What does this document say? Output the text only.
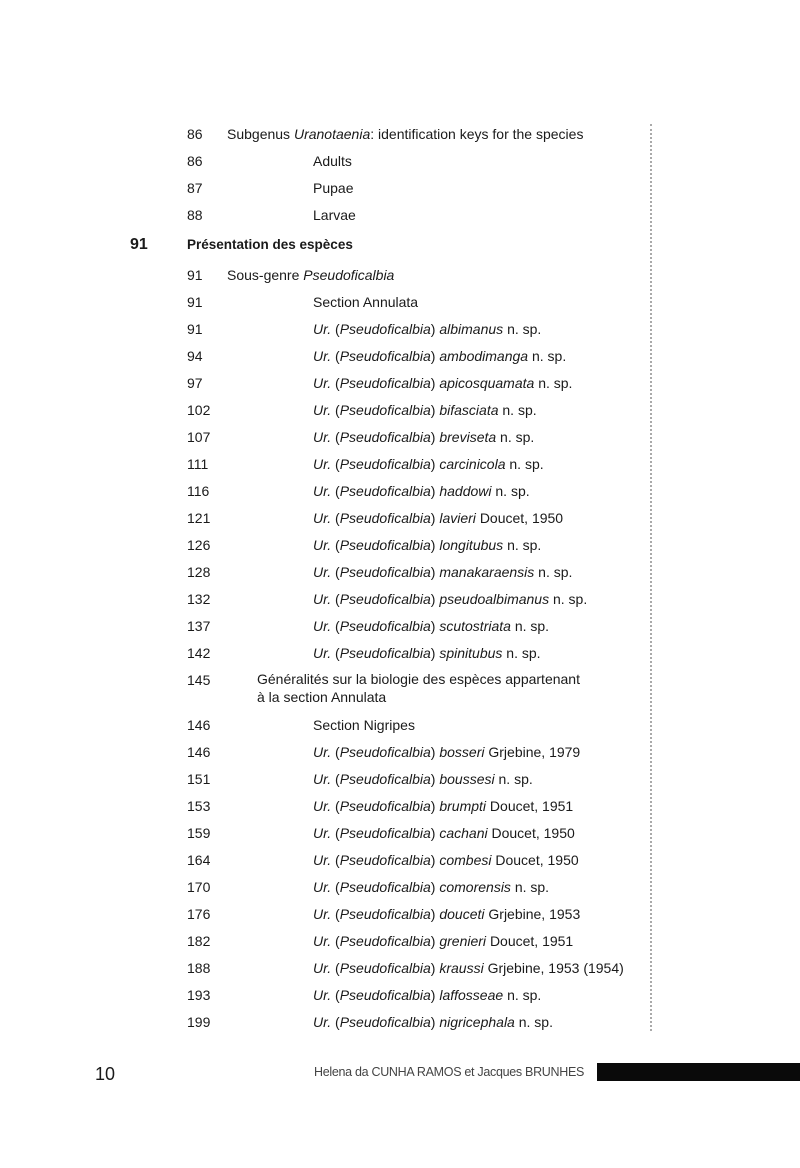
86 Subgenus Uranotaenia: identification keys for the species
86	Adults
87	Pupae
88	Larvae
91	Présentation des espèces
91 Sous-genre Pseudoficalbia
91	Section Annulata
91	Ur. (Pseudoficalbia) albimanus n. sp.
94	Ur. (Pseudoficalbia) ambodimanga n. sp.
97	Ur. (Pseudoficalbia) apicosquamata n. sp.
102	Ur. (Pseudoficalbia) bifasciata n. sp.
107	Ur. (Pseudoficalbia) breviseta n. sp.
111	Ur. (Pseudoficalbia) carcinicola n. sp.
116	Ur. (Pseudoficalbia) haddowi n. sp.
121	Ur. (Pseudoficalbia) lavieri Doucet, 1950
126	Ur. (Pseudoficalbia) longitubus n. sp.
128	Ur. (Pseudoficalbia) manakaraensis n. sp.
132	Ur. (Pseudoficalbia) pseudoalbimanus n. sp.
137	Ur. (Pseudoficalbia) scutostriata n. sp.
142	Ur. (Pseudoficalbia) spinitubus n. sp.
145	Généralités sur la biologie des espèces appartenant à la section Annulata
146	Section Nigripes
146	Ur. (Pseudoficalbia) bosseri Grjebine, 1979
151	Ur. (Pseudoficalbia) boussesi n. sp.
153	Ur. (Pseudoficalbia) brumpti Doucet, 1951
159	Ur. (Pseudoficalbia) cachani Doucet, 1950
164	Ur. (Pseudoficalbia) combesi Doucet, 1950
170	Ur. (Pseudoficalbia) comorensis n. sp.
176	Ur. (Pseudoficalbia) douceti Grjebine, 1953
182	Ur. (Pseudoficalbia) grenieri Doucet, 1951
188	Ur. (Pseudoficalbia) kraussi Grjebine, 1953 (1954)
193	Ur. (Pseudoficalbia) laffosseae n. sp.
199	Ur. (Pseudoficalbia) nigricephala n. sp.
10	Helena da CUNHA RAMOS et Jacques BRUNHES
